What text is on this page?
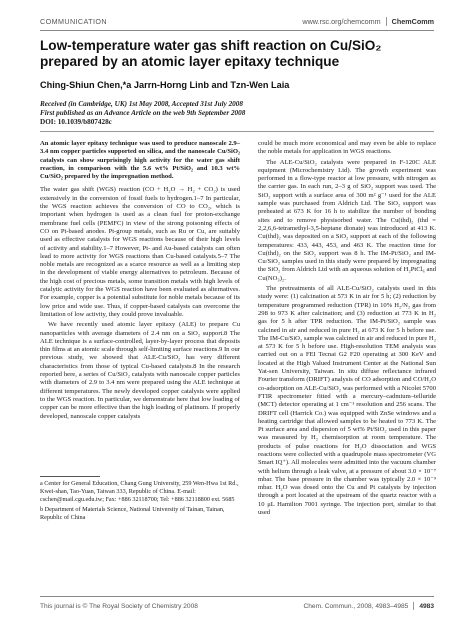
COMMUNICATION	www.rsc.org/chemcomm ChemComm
Low-temperature water gas shift reaction on Cu/SiO₂ prepared by an atomic layer epitaxy technique
Ching-Shiun Chen,*a Jarrn-Horng Linb and Tzn-Wen Laia
Received (in Cambridge, UK) 1st May 2008, Accepted 31st July 2008
First published as an Advance Article on the web 9th September 2008
DOI: 10.1039/b807428c

An atomic layer epitaxy technique was used to produce nanoscale 2.9–3.4 nm copper particles supported on silica, and the nanoscale Cu/SiO₂ catalysts can show surprisingly high activity for the water gas shift reaction, in comparison with the 5.6 wt% Pt/SiO₂ and 10.3 wt% Cu/SiO₂ prepared by the impregnation method.

The water gas shift (WGS) reaction (CO + H₂O → H₂ + CO₂) is used extensively in the conversion of fossil fuels to hydrogen.1–7 In particular, the WGS reaction achieves the conversion of CO to CO₂, which is important when hydrogen is used as a clean fuel for proton-exchange membrane fuel cells (PEMFC) in view of the strong poisoning effects of CO on Pt-based anodes. Pt-group metals, such as Ru or Cu, are suitably used as effective catalysts for WGS reactions because of their high levels of activity and stability.1–7 However, Pt- and Au-based catalysts can often lead to more activity for WGS reactions than Cu-based catalysts.5–7 The noble metals are recognized as a scarce resource as well as a limiting step in the development of viable energy alternatives to petroleum. Because of the high cost of precious metals, some transition metals with high levels of catalytic activity for the WGS reaction have been evaluated as alternatives. For example, copper is a potential substitute for noble metals because of its low price and wide use. Thus, if copper-based catalysts can overcome the limitation of low activity, they could prove invaluable.

We have recently used atomic layer epitaxy (ALE) to prepare Cu nanoparticles with average diameters of 2.4 nm on a SiO₂ support.8 The ALE technique is a surface-controlled, layer-by-layer process that deposits thin films at an atomic scale through self-limiting surface reactions.9 In our previous study, we showed that ALE-Cu/SiO₂ has very different characteristics from those of typical Cu-based catalysts.8 In the research reported here, a series of Cu/SiO₂ catalysts with nanoscale copper particles with diameters of 2.9 to 3.4 nm were prepared using the ALE technique at different temperatures. The newly developed copper catalysts were applied to the WGS reaction. In particular, we demonstrate here that low loading of copper can be more effective than the high loading of platinum. If properly developed, nanoscale copper catalysts

could be much more economical and may even be able to replace the noble metals for application in WGS reactions.

The ALE-Cu/SiO₂ catalysts were prepared in F-120C ALE equipment (Microchemistry Ltd). The growth experiment was performed in a flow-type reactor at low pressure, with nitrogen as the carrier gas. In each run, 2–3 g of SiO₂ support was used. The SiO₂ support with a surface area of 300 m² g⁻¹ used for the ALE sample was purchased from Aldrich Ltd. The SiO₂ support was preheated at 673 K for 16 h to stabilize the number of bonding sites and to remove physisorbed water. The Cu(thd)₂ (thd = 2,2,6,6-tetramethyl-3,5-heptane dionate) was introduced at 413 K. Cu(thd)₂ was deposited on a SiO₂ support at each of the following temperatures: 433, 443, 453, and 463 K. The reaction time for Cu(thd)₂ on the SiO₂ support was 8 h. The IM-Pt/SiO₂ and IM-Cu/SiO₂ samples used in this study were prepared by impregnating the SiO₂ from Aldrich Ltd with an aqueous solution of H₂PtCl₆ and Cu(NO₃)₂.

The pretreatments of all ALE-Cu/SiO₂ catalysts used in this study were: (1) calcination at 573 K in air for 5 h; (2) reduction by temperature programmed reduction (TPR) in 10% H₂/N₂ gas from 298 to 973 K after calcination; and (3) reduction at 773 K in H₂ gas for 5 h after TPR reduction. The IM-Pt/SiO₂ sample was calcined in air and reduced in pure H₂ at 673 K for 5 h before use. The IM-Cu/SiO₂ sample was calcined in air and reduced in pure H₂ at 573 K for 5 h before use. High-resolution TEM analysis was carried out on a FEI Tecnai G2 F20 operating at 300 KeV and located at the High Valued Instrument Center at the National Sun Yat-sen University, Taiwan. In situ diffuse reflectance infrared Fourier transform (DRIFT) analysis of CO adsorption and CO/H₂O co-adsorption on ALE-Cu/SiO₂ was performed with a Nicolet 5700 FTIR spectrometer fitted with a mercury–cadmium–telluride (MCT) detector operating at 1 cm⁻¹ resolution and 256 scans. The DRIFT cell (Harrick Co.) was equipped with ZnSe windows and a heating cartridge that allowed samples to be heated to 773 K. The Pt surface area and dispersion of 5 wt% Pt/SiO₂ used in this paper was measured by H₂ chemisorption at room temperature. The products of pulse reactions for H₂O dissociation and WGS reactions were collected with a quadrupole mass spectrometer (VG Smart IQ⁺). All molecules were admitted into the vacuum chamber with helium through a leak valve, at a pressure of about 3.0 × 10⁻⁷ mbar. The base pressure in the chamber was typically 2.0 × 10⁻⁹ mbar. H₂O was dosed onto the Cu and Pt catalysts by injection through a port located at the upstream of the quartz reactor with a 10 μL Hamilton 7001 syringe. The injection port, similar to that used

a Center for General Education, Chang Gung University, 259 Wen-Hwa 1st Rd., Kwei-shan, Tao-Yuan, Taiwan 333, Republic of China. E-mail: cschen@mail.cgu.edu.tw; Fax: +886 32118700; Tel: +886 32118800 ext. 5685
b Department of Materials Science, National University of Tainan, Tainan, Republic of China
This journal is © The Royal Society of Chemistry 2008	Chem. Commun., 2008, 4983–4985 4983
